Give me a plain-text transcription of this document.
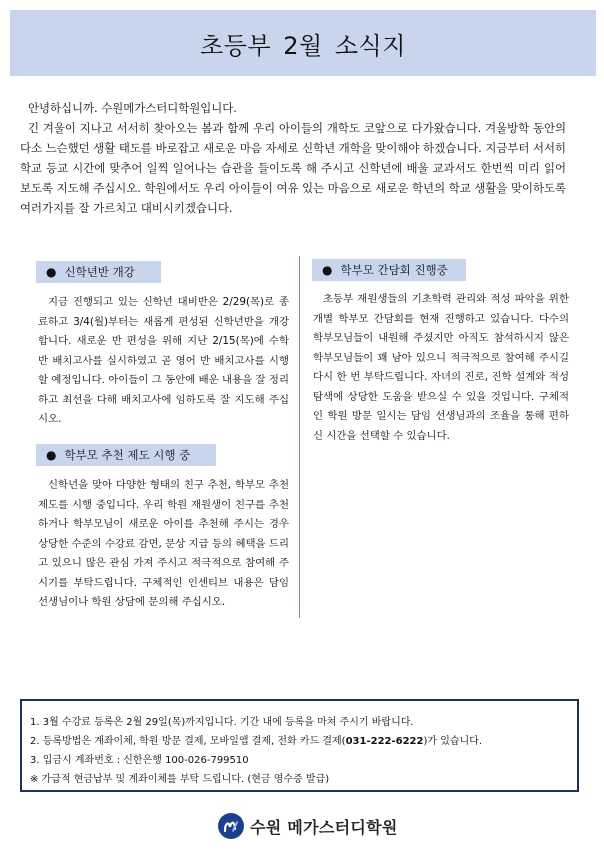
초등부 2월 소식지

안녕하십니까. 수원메가스터디학원입니다.

긴 겨울이 지나고 서서히 찾아오는 봄과 함께 우리 아이들의 개학도 코앞으로 다가왔습니다. 겨울방학 동안의 다소 느슨했던 생활 태도를 바로잡고 새로운 마음 자세로 신학년 개학을 맞이해야 하겠습니다. 지금부터 서서히 학교 등교 시간에 맞추어 일찍 일어나는 습관을 들이도록 해 주시고 신학년에 배울 교과서도 한번씩 미리 읽어보도록 지도해 주십시오. 학원에서도 우리 아이들이 여유 있는 마음으로 새로운 학년의 학교 생활을 맞이하도록 여러가지를 잘 가르치고 대비시키겠습니다.

● 신학년반 개강
지금 진행되고 있는 신학년 대비반은 2/29(목)로 종료하고 3/4(월)부터는 새롭게 편성된 신학년반을 개강합니다. 새로운 반 편성을 위해 지난 2/15(목)에 수학 반 배치고사를 실시하였고 곧 영어 반 배치고사를 시행할 예정입니다. 아이들이 그 동안에 배운 내용을 잘 정리하고 최선을 다해 배치고사에 임하도록 잘 지도해 주십시오.
● 학부모 추천 제도 시행 중
신학년을 맞아 다양한 형태의 친구 추천, 학부모 추천 제도를 시행 중입니다. 우리 학원 재원생이 친구를 추천하거나 학부모님이 새로운 아이를 추천해 주시는 경우 상당한 수준의 수강료 감면, 문상 지급 등의 혜택을 드리고 있으니 많은 관심 가져 주시고 적극적으로 참여해 주시기를 부탁드립니다. 구체적인 인센티브 내용은 담임 선생님이나 학원 상담에 문의해 주십시오.
● 학부모 간담회 진행중
초등부 재원생들의 기초학력 관리와 적성 파악을 위한 개별 학부모 간담회를 현재 진행하고 있습니다. 다수의 학부모님들이 내원해 주셨지만 아직도 참석하시지 않은 학부모님들이 꽤 남아 있으니 적극적으로 참여해 주시길 다시 한 번 부탁드립니다. 자녀의 진로, 진학 설계와 적성 탐색에 상당한 도움을 받으실 수 있을 것입니다. 구체적인 학원 방문 일시는 담임 선생님과의 조율을 통해 편하신 시간을 선택할 수 있습니다.
1. 3월 수강료 등록은 2월 29일(목)까지입니다. 기간 내에 등록을 마쳐 주시기 바랍니다.
2. 등록방법은 계좌이체, 학원 방문 결제, 모바일앱 결제, 전화 카드 결제(031-222-6222)가 있습니다.
3. 입금시 계좌번호 : 신한은행 100-026-799510
※ 가급적 현금납부 및 계좌이체를 부탁 드립니다. (현금 영수증 발급)
수원 메가스터디학원
